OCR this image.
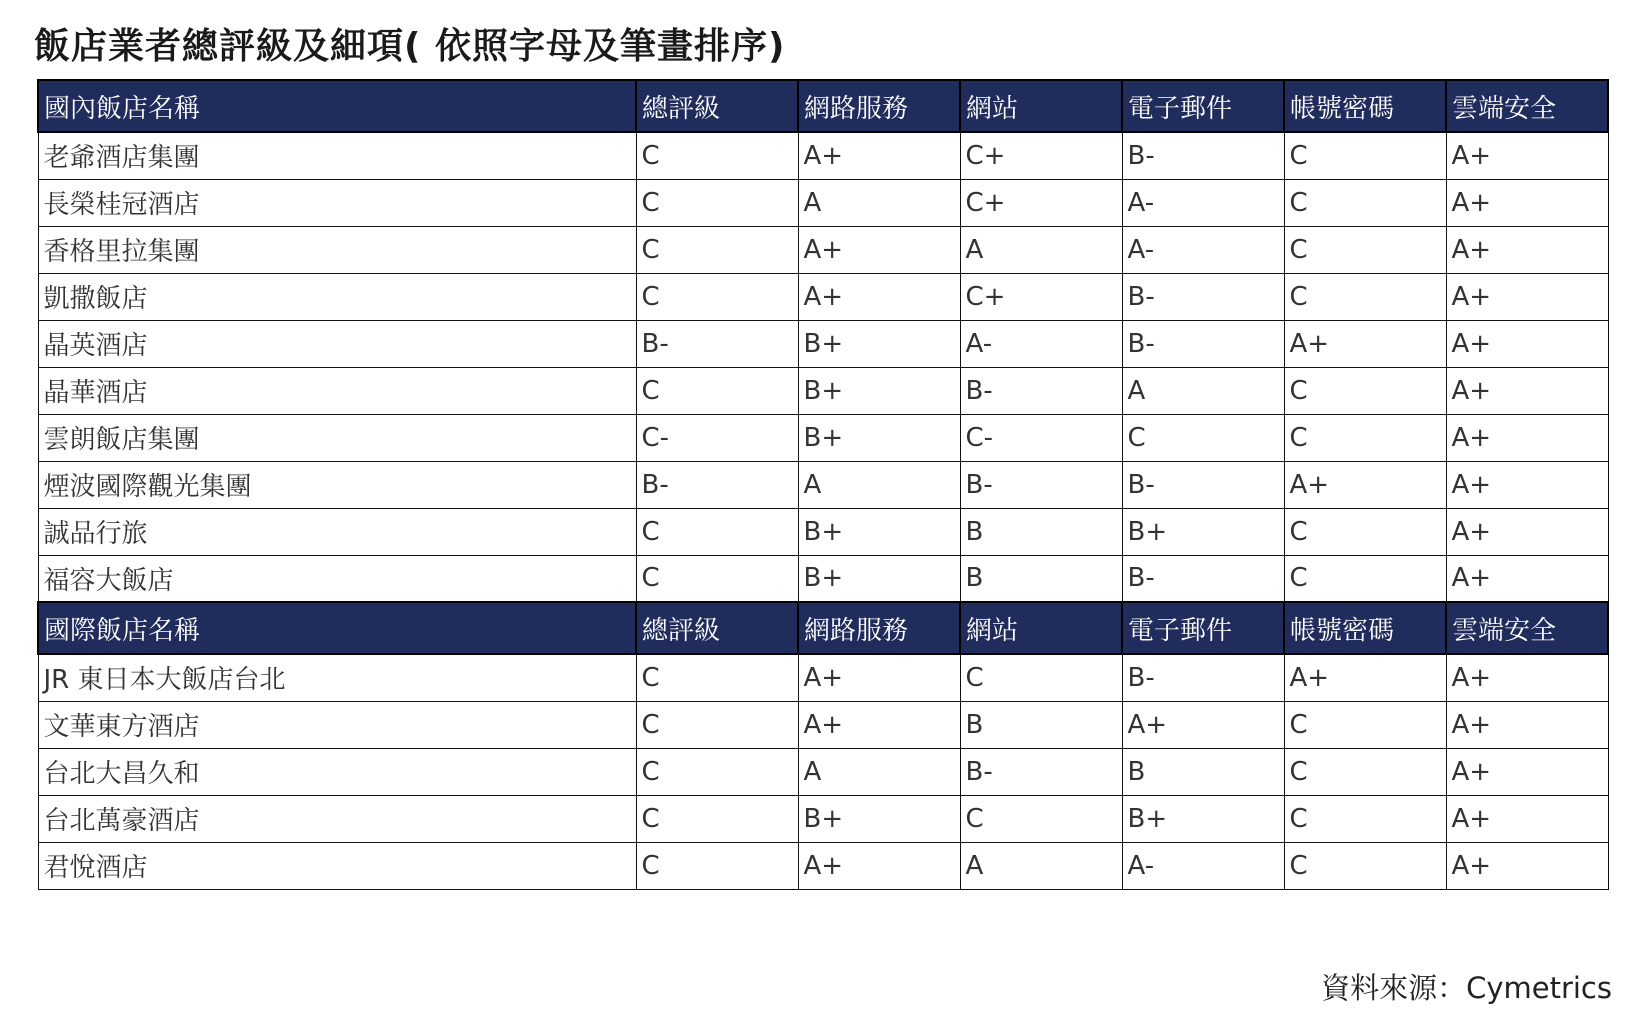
飯店業者總評級及細項( 依照字母及筆畫排序)
國內飯店名稱	總評級	網路服務	網站	電子郵件	帳號密碼	雲端安全
老爺酒店集團	C	A+	C+	B-	C	A+
長榮桂冠酒店	C	A	C+	A-	C	A+
香格里拉集團	C	A+	A	A-	C	A+
凱撒飯店	C	A+	C+	B-	C	A+
晶英酒店	B-	B+	A-	B-	A+	A+
晶華酒店	C	B+	B-	A	C	A+
雲朗飯店集團	C-	B+	C-	C	C	A+
煙波國際觀光集團	B-	A	B-	B-	A+	A+
誠品行旅	C	B+	B	B+	C	A+
福容大飯店	C	B+	B	B-	C	A+
國際飯店名稱	總評級	網路服務	網站	電子郵件	帳號密碼	雲端安全
JR 東日本大飯店台北	C	A+	C	B-	A+	A+
文華東方酒店	C	A+	B	A+	C	A+
台北大昌久和	C	A	B-	B	C	A+
台北萬豪酒店	C	B+	C	B+	C	A+
君悅酒店	C	A+	A	A-	C	A+
資料來源：Cymetrics
